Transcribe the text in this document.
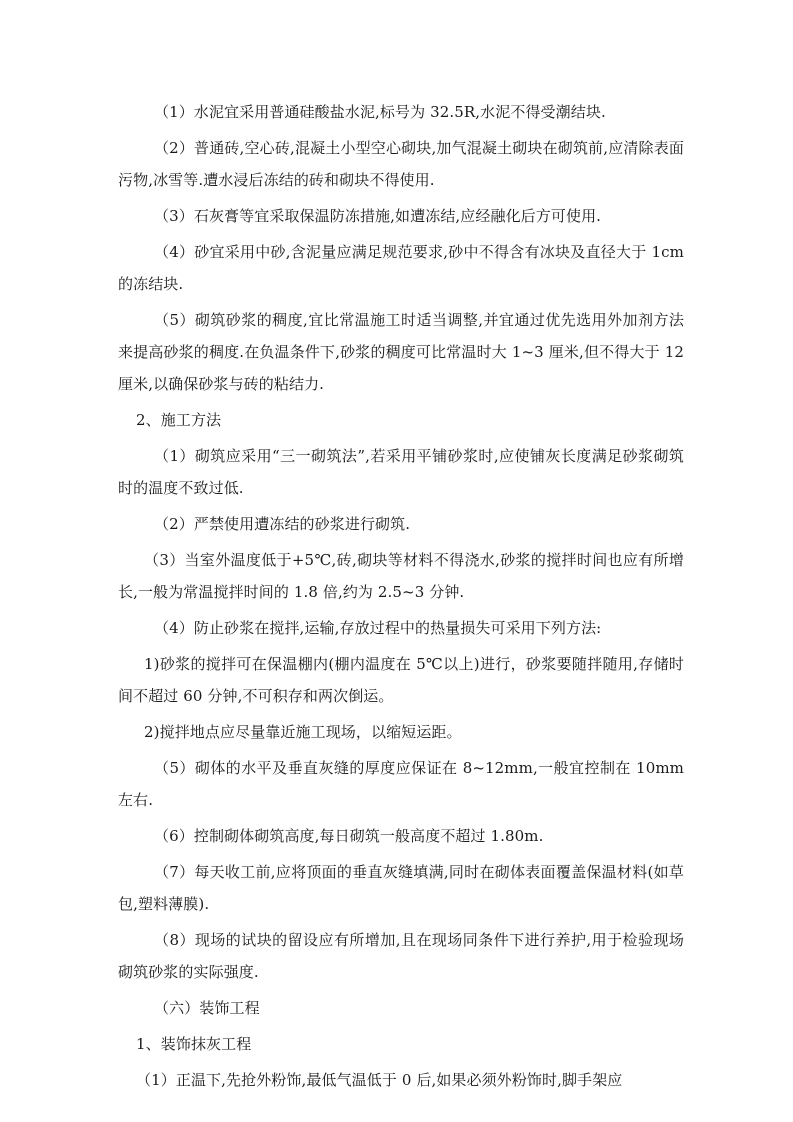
（1）水泥宜采用普通硅酸盐水泥,标号为 32.5R,水泥不得受潮结块.

（2）普通砖,空心砖,混凝土小型空心砌块,加气混凝土砌块在砌筑前,应清除表面污物,冰雪等.遭水浸后冻结的砖和砌块不得使用.

（3）石灰膏等宜采取保温防冻措施,如遭冻结,应经融化后方可使用.

（4）砂宜采用中砂,含泥量应满足规范要求,砂中不得含有冰块及直径大于 1cm 的冻结块.

（5）砌筑砂浆的稠度,宜比常温施工时适当调整,并宜通过优先选用外加剂方法来提高砂浆的稠度.在负温条件下,砂浆的稠度可比常温时大 1~3 厘米,但不得大于 12 厘米,以确保砂浆与砖的粘结力.

2、施工方法

（1）砌筑应采用“三一砌筑法”,若采用平铺砂浆时,应使铺灰长度满足砂浆砌筑时的温度不致过低.

（2）严禁使用遭冻结的砂浆进行砌筑.

（3）当室外温度低于+5℃,砖,砌块等材料不得浇水,砂浆的搅拌时间也应有所增长,一般为常温搅拌时间的 1.8 倍,约为 2.5~3 分钟.

（4）防止砂浆在搅拌,运输,存放过程中的热量损失可采用下列方法:

1)砂浆的搅拌可在保温棚内(棚内温度在 5℃以上)进行，砂浆要随拌随用,存储时间不超过 60 分钟,不可积存和两次倒运。

2)搅拌地点应尽量靠近施工现场，以缩短运距。

（5）砌体的水平及垂直灰缝的厚度应保证在 8~12mm,一般宜控制在 10mm 左右.

（6）控制砌体砌筑高度,每日砌筑一般高度不超过 1.80m.

（7）每天收工前,应将顶面的垂直灰缝填满,同时在砌体表面覆盖保温材料(如草包,塑料薄膜).

（8）现场的试块的留设应有所增加,且在现场同条件下进行养护,用于检验现场砌筑砂浆的实际强度.

（六）装饰工程

1、装饰抹灰工程

（1）正温下,先抢外粉饰,最低气温低于 0 后,如果必须外粉饰时,脚手架应
